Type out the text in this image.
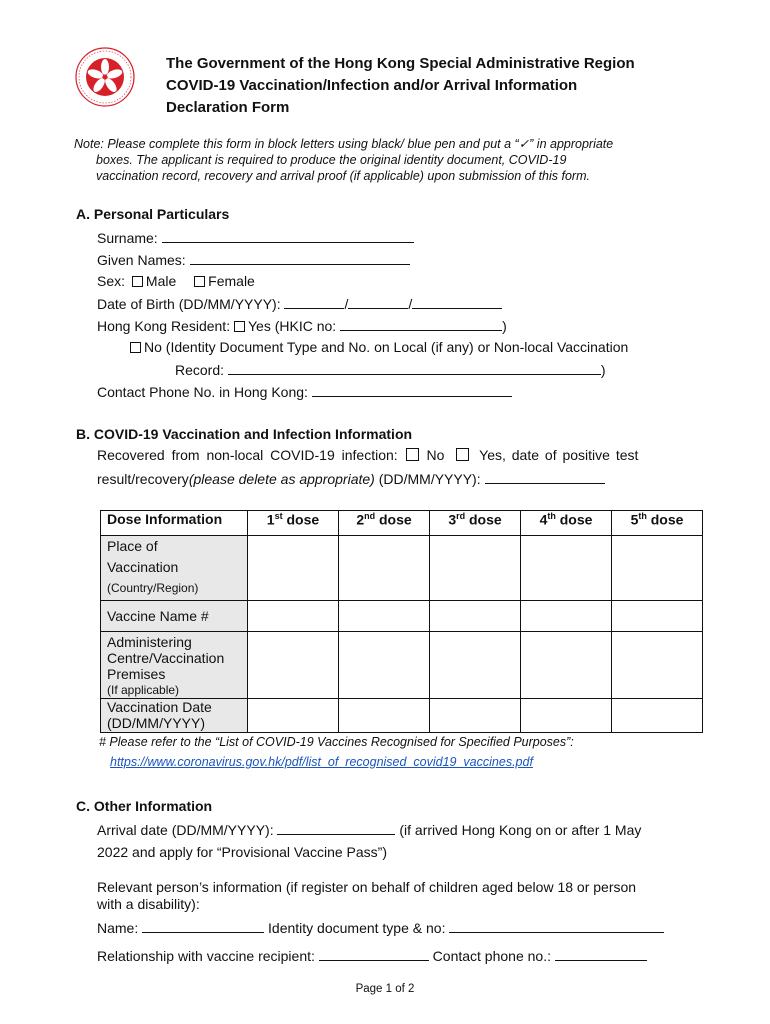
The Government of the Hong Kong Special Administrative Region
COVID-19 Vaccination/Infection and/or Arrival Information
Declaration Form
Note: Please complete this form in block letters using black/ blue pen and put a “✓” in appropriate
boxes. The applicant is required to produce the original identity document, COVID-19
vaccination record, recovery and arrival proof (if applicable) upon submission of this form.
A. Personal Particulars
Surname:
Given Names:
Sex: Male Female
Date of Birth (DD/MM/YYYY):	/	/
Hong Kong Resident: Yes (HKIC no:	)
No (Identity Document Type and No. on Local (if any) or Non-local Vaccination
Record:	)
Contact Phone No. in Hong Kong:
B. COVID-19 Vaccination and Infection Information
Recovered from non-local COVID-19 infection: No Yes, date of positive test
result/recovery(please delete as appropriate) (DD/MM/YYYY):
Dose Information	1st dose	2nd dose	3rd dose	4th dose	5th dose

Place of
Vaccination
(Country/Region)					

Vaccine Name #					

Administering
Centre/Vaccination
Premises
(If applicable)					

Vaccination Date
(DD/MM/YYYY)					

# Please refer to the “List of COVID-19 Vaccines Recognised for Specified Purposes”:
https://www.coronavirus.gov.hk/pdf/list_of_recognised_covid19_vaccines.pdf
C. Other Information
Arrival date (DD/MM/YYYY):	(if arrived Hong Kong on or after 1 May
2022 and apply for “Provisional Vaccine Pass”)
Relevant person’s information (if register on behalf of children aged below 18 or person
with a disability):
Name:	Identity document type & no:
Relationship with vaccine recipient:	Contact phone no.:
Page 1 of 2
